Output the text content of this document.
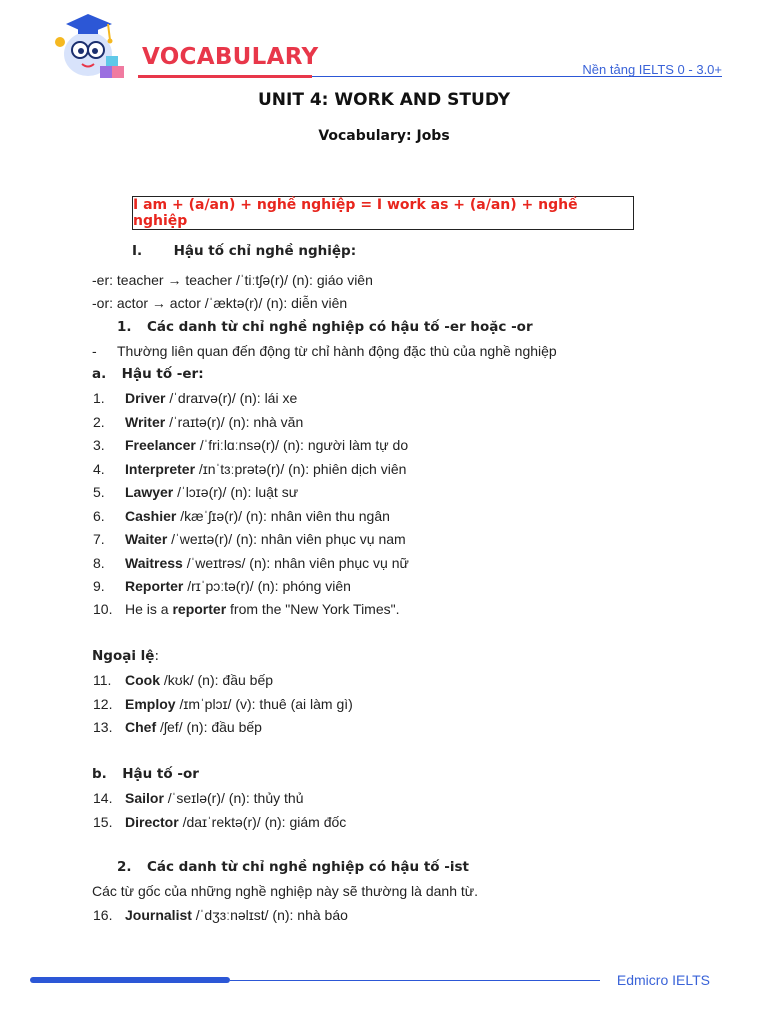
VOCABULARY	Nền tảng IELTS 0 - 3.0+
UNIT 4: WORK AND STUDY
Vocabulary: Jobs
I am + (a/an) + nghề nghiệp = I work as + (a/an) + nghề nghiệp
I. Hậu tố chỉ nghề nghiệp:
-er: teacher → teacher /ˈtiːtʃə(r)/ (n): giáo viên
-or: actor → actor /ˈæktə(r)/ (n): diễn viên
1. Các danh từ chỉ nghề nghiệp có hậu tố -er hoặc -or
- Thường liên quan đến động từ chỉ hành động đặc thù của nghề nghiệp
a. Hậu tố -er:
1. Driver /ˈdraɪvə(r)/ (n): lái xe
2. Writer /ˈraɪtə(r)/ (n): nhà văn
3. Freelancer /ˈfriːlɑːnsə(r)/ (n): người làm tự do
4. Interpreter /ɪnˈtɜːprətə(r)/ (n): phiên dịch viên
5. Lawyer /ˈlɔɪə(r)/ (n): luật sư
6. Cashier /kæˈʃɪə(r)/ (n): nhân viên thu ngân
7. Waiter /ˈweɪtə(r)/ (n): nhân viên phục vụ nam
8. Waitress /ˈweɪtrəs/ (n): nhân viên phục vụ nữ
9. Reporter /rɪˈpɔːtə(r)/ (n): phóng viên
10. He is a reporter from the "New York Times".
Ngoại lệ:
11. Cook /kʊk/ (n): đầu bếp
12. Employ /ɪmˈplɔɪ/ (v): thuê (ai làm gì)
13. Chef /ʃef/ (n): đầu bếp
b. Hậu tố -or
14. Sailor /ˈseɪlə(r)/ (n): thủy thủ
15. Director /daɪˈrektə(r)/ (n): giám đốc
2. Các danh từ chỉ nghề nghiệp có hậu tố -ist
Các từ gốc của những nghề nghiệp này sẽ thường là danh từ.
16. Journalist /ˈdʒɜːnəlɪst/ (n): nhà báo
Edmicro IELTS
